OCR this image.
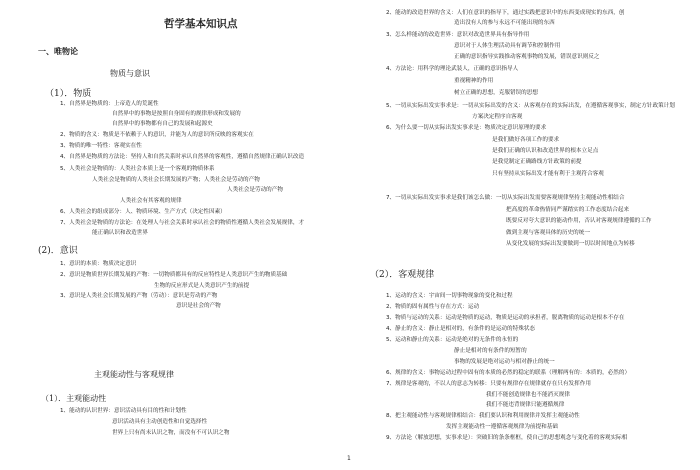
哲学基本知识点
一、唯物论
物质与意识
（1）．物质
1、自然界是物质的：上帝造人的荒诞性
自然界中的事物是按照自身固有的规律形成和发展的
自然界中的事物都有自己的发展和起源史
2、物质的含义：物质是不依赖于人的意识，并能为人的意识所反映的客观实在
3、物质的唯一特性：客观实在性
4、自然界是物质的方法论：坚持人和自然关系时承认自然界的客观性，遵循自然规律正确认识改造
5、人类社会是物质的：人类社会本质上是一个客观的物质体系
人类社会是物质的人类社会长期发展的产物；人类社会是劳动的产物
人类社会是劳动的产物
人类社会有其客观的规律
6、人类社会的组成部分：人、物质环境、生产方式（决定性因素）
7、人类社会是物质的方法论：在处理人与社会关系时承认社会的物质性遵循人类社会发展规律，才
能正确认识和改造世界
(2)．意识
1、意识的本质：物质决定意识
2、意识是物质世界长期发展的产物：一切物质都具有的反应特性是人类意识产生的物质基础
生物的反应形式是人类意识产生的前提
3、意识是人类社会长期发展的产物（劳动）：意识是劳动的产物
意识是社会的产物
主观能动性与客观规律
（1）．主观能动性
1、能动的认识世界：意识活动具有目的性和计划性
意识活动具有主动创造性和自觉选择性
世界上只有尚未认识之物，而没有不可认识之物
2、能动的改造世界的含义：人们在意识的指导下，通过实践把意识中的东西变成现实的东西，创
造出没有人的参与永远不可能出现的东西
3、怎么样能动的改造世界：意识对改造世界具有指导作用
意识对于人体生理活动具有调节和控制作用
正确的意识指导实践推动客观事物的发展，错误意识则反之
4、方法论：用科学的理论武装人，正确的意识指导人
重视精神的作用
树立正确的思想，克服错误的思想
5、一切从实际出发实事求是：一切从实际出发的含义：从客观存在的实际出发，在遵循客观事实，制定方针政策计划
方案决定程序自客观
6、为什么要一切从实际出发实事求是：物质决定意识原理的要求
是我们做好各项工作的要求
是我们正确的认识和改造世界的根本立足点
是我党制定正确路线方针政策的前提
只有坚持从实际出发才能有利于主观符合客观
7、一切从实际出发实事求是我们该怎么做：一切从实际出发需要客观规律坚持主观能动性相结合
把高度的革命热情同严谨踏实的工作态度结合起来
既要反对夸大意识的能动作用，否认对客观规律遵循的工作
做到主观与客观具体的历史的统一
从变化发展的实际出发要做到一切以时间地点为转移
（2）．客观规律
1、运动的含义：宇宙间一切事物现象的变化和过程
2、物质的固有属性与存在方式：运动
3、物质与运动的关系：运动是物质的运动，物质是运动的承担者，脱离物质的运动是根本不存在
4、静止的含义：静止是相对的，有条件的是运动的特殊状态
5、运动和静止的关系：运动是绝对的无条件的永恒的
静止是相对的有条件的短暂的
事物的发展是绝对运动与相对静止的统一
6、规律的含义：事物运动过程中固有的本质的必然的稳定的联系（理解两有的：本质的，必然的）
7、规律是客观的，不以人的意志为转移：只要有规律存在规律就存在只有发挥作用
我们不能创造规律也不能消灭规律
我们不能违背规律只能遵循规律
8、把主观能动性与客观规律相结合：我们要认识和利用规律并发挥主观能动性
发挥主观能动性一遵循客观规律为前提和基础
9、方法论（解放思想，实事求是）：突破旧的条条框框，使自己的思想观念与变化着的客观实际相
1
